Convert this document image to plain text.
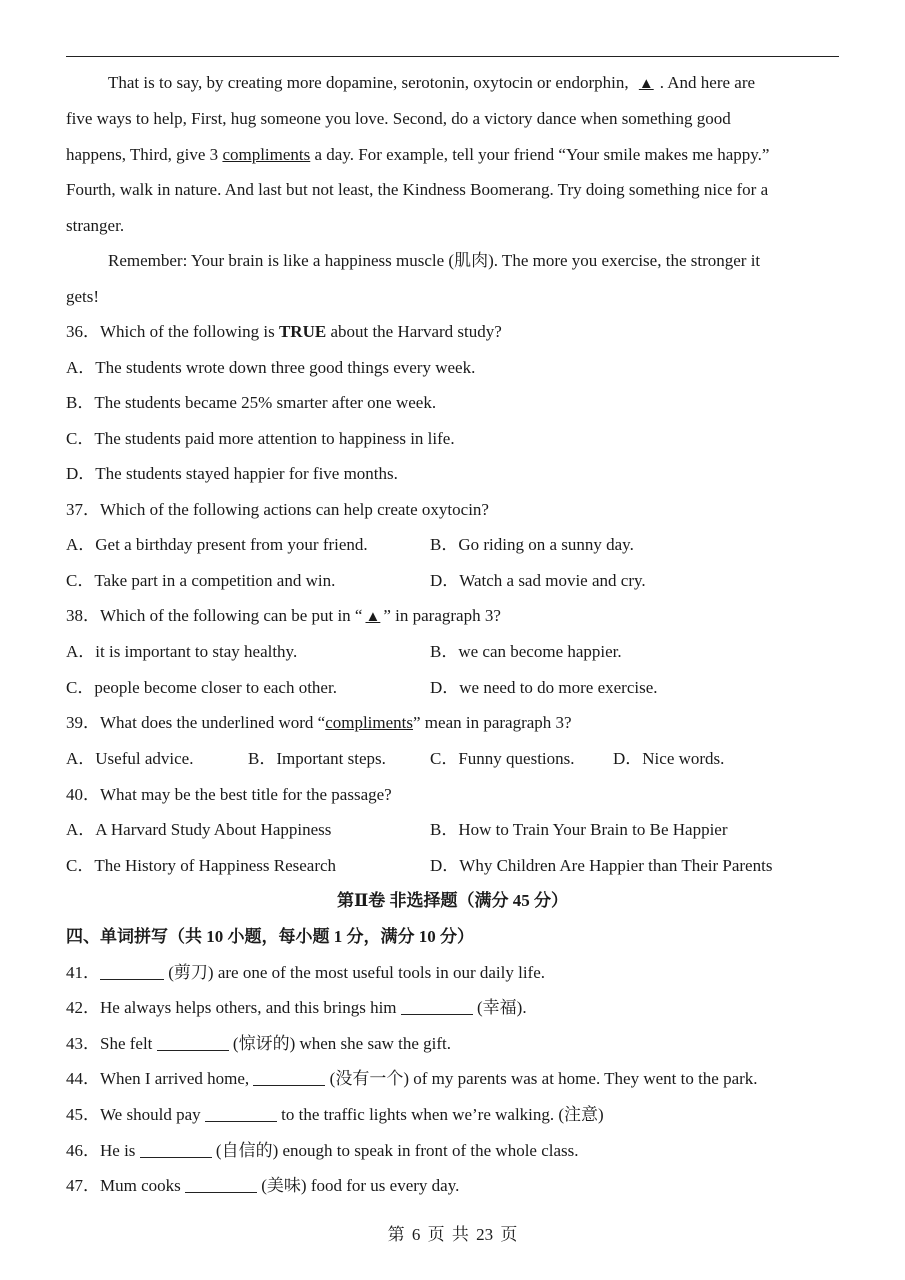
That is to say, by creating more dopamine, serotonin, oxytocin or endorphin, ▲ . And here are
five ways to help, First, hug someone you love. Second, do a victory dance when something good
happens, Third, give 3 compliments a day. For example, tell your friend “Your smile makes me happy.”
Fourth, walk in nature. And last but not least, the Kindness Boomerang. Try doing something nice for a
stranger.
Remember: Your brain is like a happiness muscle (肌肉). The more you exercise, the stronger it
gets!
36．Which of the following is TRUE about the Harvard study?
A．The students wrote down three good things every week.
B．The students became 25% smarter after one week.
C．The students paid more attention to happiness in life.
D．The students stayed happier for five months.
37．Which of the following actions can help create oxytocin?
A．Get a birthday present from your friend.	B．Go riding on a sunny day.
C．Take part in a competition and win.	D．Watch a sad movie and cry.
38．Which of the following can be put in “ ▲ ” in paragraph 3?
A．it is important to stay healthy.	B．we can become happier.
C．people become closer to each other.	D．we need to do more exercise.
39．What does the underlined word “compliments” mean in paragraph 3?
A．Useful advice.	B．Important steps.	C．Funny questions. D．Nice words.
40．What may be the best title for the passage?
A．A Harvard Study About Happiness	B．How to Train Your Brain to Be Happier
C．The History of Happiness Research	D．Why Children Are Happier than Their Parents
第Ⅱ卷 非选择题（满分 45 分）
四、单词拼写（共 10 小题，每小题 1 分，满分 10 分）
41．	(剪刀) are one of the most useful tools in our daily life.
42．He always helps others, and this brings him	(幸福).
43．She felt	(惊讶的) when she saw the gift.
44．When I arrived home,	(没有一个) of my parents was at home. They went to the park.
45．We should pay	to the traffic lights when we’re walking. (注意)
46．He is	(自信的) enough to speak in front of the whole class.
47．Mum cooks	(美味) food for us every day.
第 6 页 共 23 页
